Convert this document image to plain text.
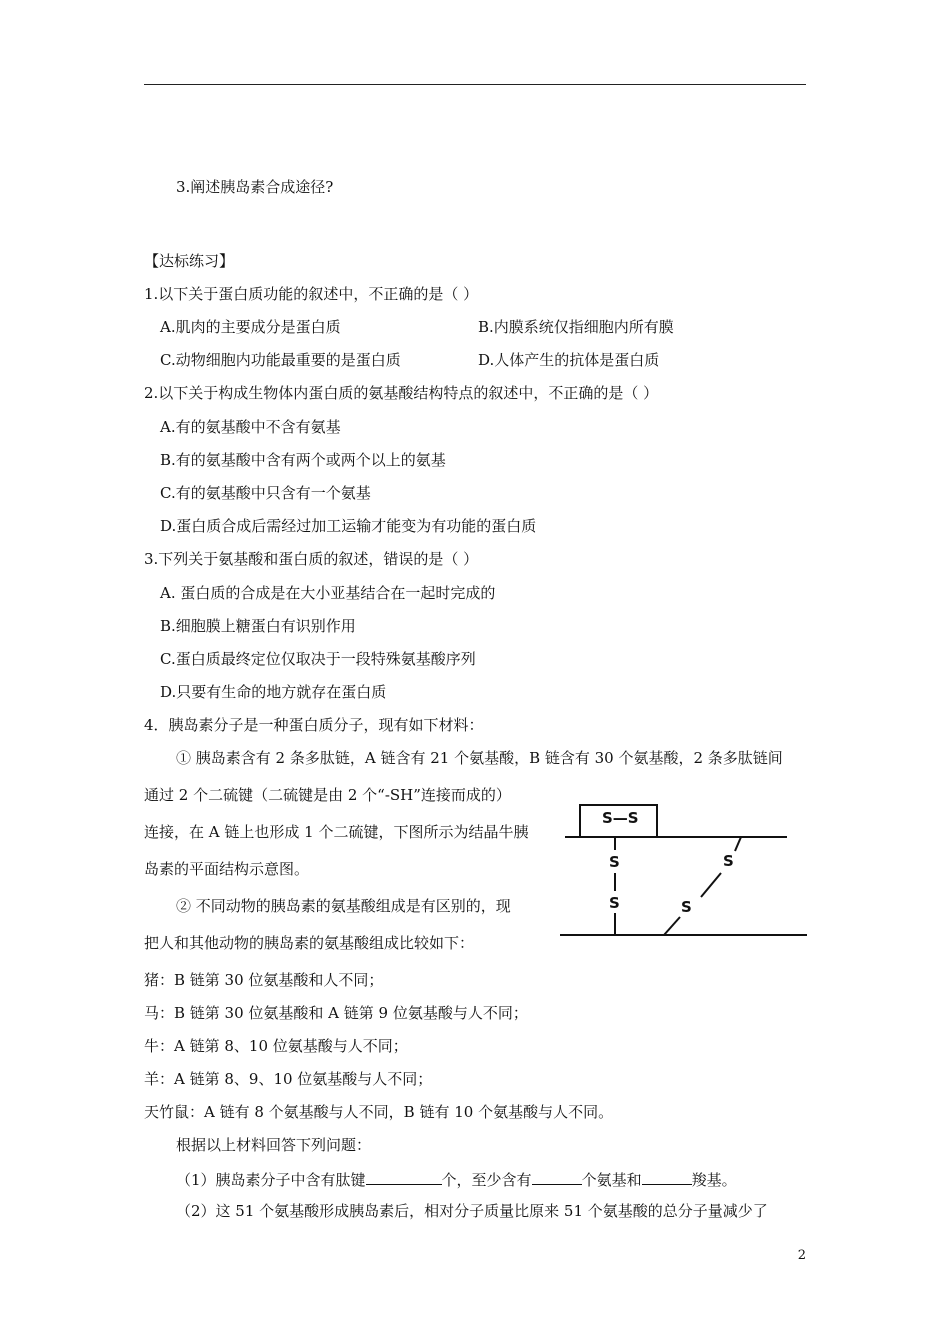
3.阐述胰岛素合成途径?
【达标练习】
1.以下关于蛋白质功能的叙述中，不正确的是（ ）
A.肌肉的主要成分是蛋白质	B.内膜系统仅指细胞内所有膜
C.动物细胞内功能最重要的是蛋白质	D.人体产生的抗体是蛋白质
2.以下关于构成生物体内蛋白质的氨基酸结构特点的叙述中，不正确的是（ ）
A.有的氨基酸中不含有氨基
B.有的氨基酸中含有两个或两个以上的氨基
C.有的氨基酸中只含有一个氨基
D.蛋白质合成后需经过加工运输才能变为有功能的蛋白质
3.下列关于氨基酸和蛋白质的叙述，错误的是（ ）
A. 蛋白质的合成是在大小亚基结合在一起时完成的
B.细胞膜上糖蛋白有识别作用
C.蛋白质最终定位仅取决于一段特殊氨基酸序列
D.只要有生命的地方就存在蛋白质
4．胰岛素分子是一种蛋白质分子，现有如下材料：
① 胰岛素含有 2 条多肽链，A 链含有 21 个氨基酸，B 链含有 30 个氨基酸，2 条多肽链间
通过 2 个二硫键（二硫键是由 2 个“-SH”连接而成的）
连接，在 A 链上也形成 1 个二硫键，下图所示为结晶牛胰
岛素的平面结构示意图。
② 不同动物的胰岛素的氨基酸组成是有区别的，现
把人和其他动物的胰岛素的氨基酸组成比较如下：
S—S
S
S
S
S
猪：B 链第 30 位氨基酸和人不同；
马：B 链第 30 位氨基酸和 A 链第 9 位氨基酸与人不同；
牛：A 链第 8、10 位氨基酸与人不同；
羊：A 链第 8、9、10 位氨基酸与人不同；
天竹鼠：A 链有 8 个氨基酸与人不同，B 链有 10 个氨基酸与人不同。
根据以上材料回答下列问题：
（1）胰岛素分子中含有肽键	个，至少含有	个氨基和	羧基。
（2）这 51 个氨基酸形成胰岛素后，相对分子质量比原来 51 个氨基酸的总分子量减少了
2
